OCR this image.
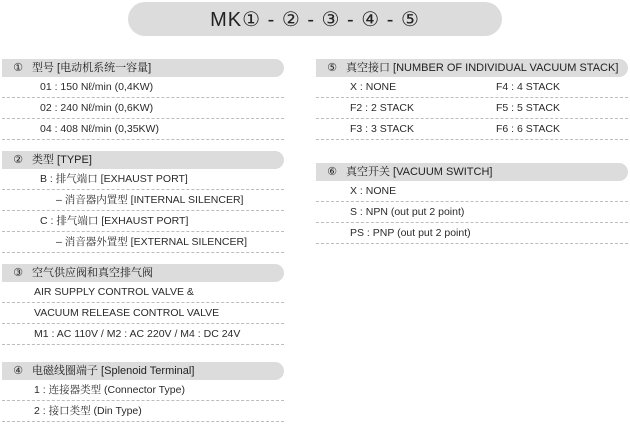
MK① - ② - ③ - ④ - ⑤
① 型号 [电动机系统一容量]
01 : 150 Nℓ/min (0,4KW)
02 : 240 Nℓ/min (0,6KW)
04 : 408 Nℓ/min (0,35KW)
② 类型 [TYPE]
B : 排气端口 [EXHAUST PORT]
– 消音器内置型 [INTERNAL SILENCER]
C : 排气端口 [EXHAUST PORT]
– 消音器外置型 [EXTERNAL SILENCER]
③ 空气供应阀和真空排气阀
AIR SUPPLY CONTROL VALVE &
VACUUM RELEASE CONTROL VALVE
M1 : AC 110V / M2 : AC 220V / M4 : DC 24V
④ 电磁线圈端子 [Splenoid Terminal]
1 : 连接器类型 (Connector Type)
2 : 接口类型 (Din Type)
⑤ 真空接口 [NUMBER OF INDIVIDUAL VACUUM STACK]
X : NONE	F4 : 4 STACK
F2 : 2 STACK	F5 : 5 STACK
F3 : 3 STACK	F6 : 6 STACK
⑥ 真空开关 [VACUUM SWITCH]
X : NONE
S : NPN (out put 2 point)
PS : PNP (out put 2 point)
